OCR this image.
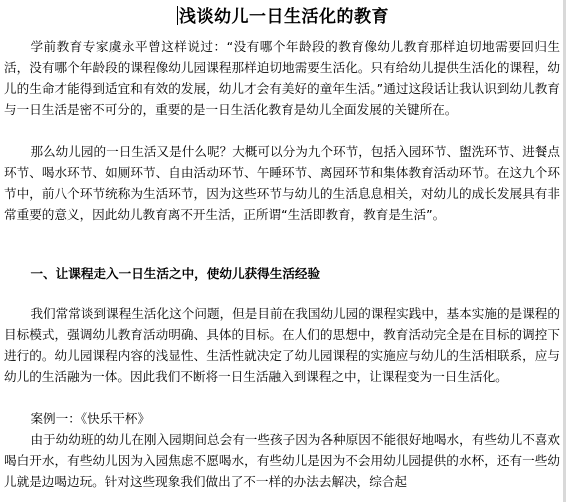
浅谈幼儿一日生活化的教育
学前教育专家虞永平曾这样说过：“没有哪个年龄段的教育像幼儿教育那样迫切地需要回归生活，没有哪个年龄段的课程像幼儿园课程那样迫切地需要生活化。只有给幼儿提供生活化的课程，幼儿的生命才能得到适宜和有效的发展，幼儿才会有美好的童年生活。”通过这段话让我认识到幼儿教育与一日生活是密不可分的，重要的是一日生活化教育是幼儿全面发展的关键所在。
那么幼儿园的一日生活又是什么呢？大概可以分为九个环节，包括入园环节、盥洗环节、进餐点环节、喝水环节、如厕环节、自由活动环节、午睡环节、离园环节和集体教育活动环节。在这九个环节中，前八个环节统称为生活环节，因为这些环节与幼儿的生活息息相关，对幼儿的成长发展具有非常重要的意义，因此幼儿教育离不开生活，正所谓“生活即教育，教育是生活”。
一、让课程走入一日生活之中，使幼儿获得生活经验
我们常常谈到课程生活化这个问题，但是目前在我国幼儿园的课程实践中，基本实施的是课程的目标模式，强调幼儿教育活动明确、具体的目标。在人们的思想中，教育活动完全是在目标的调控下进行的。幼儿园课程内容的浅显性、生活性就决定了幼儿园课程的实施应与幼儿的生活相联系，应与幼儿的生活融为一体。因此我们不断将一日生活融入到课程之中，让课程变为一日生活化。
案例一：《快乐干杯》
由于幼幼班的幼儿在刚入园期间总会有一些孩子因为各种原因不能很好地喝水，有些幼儿不喜欢喝白开水，有些幼儿因为入园焦虑不愿喝水，有些幼儿是因为不会用幼儿园提供的水杯，还有一些幼儿就是边喝边玩。针对这些现象我们做出了不一样的办法去解决，综合起
